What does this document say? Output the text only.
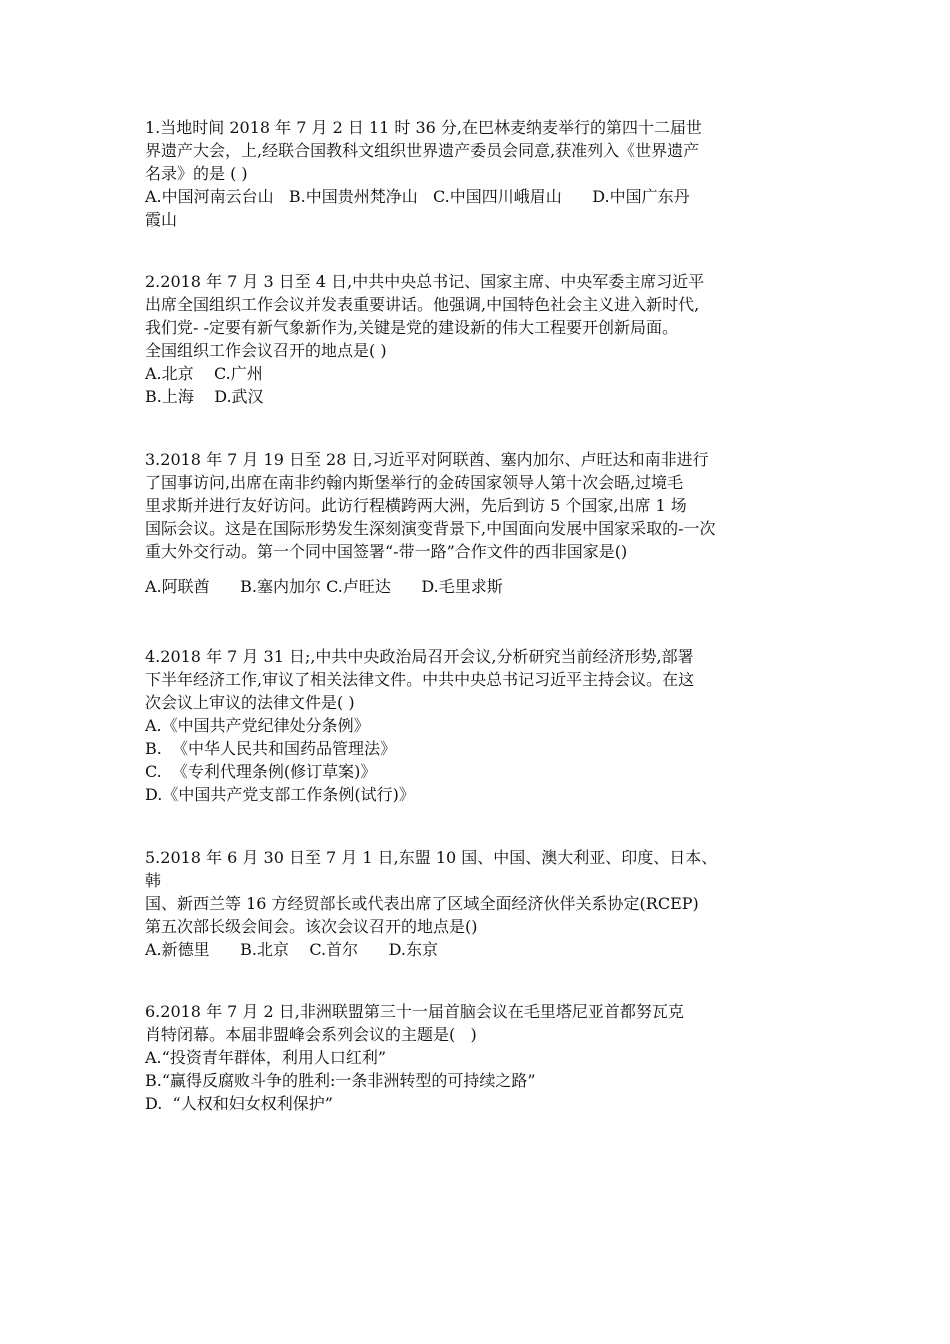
1.当地时间 2018 年 7 月 2 日 11 时 36 分,在巴林麦纳麦举行的第四十二届世
界遗产大会，上,经联合国教科文组织世界遗产委员会同意,获准列入《世界遗产
名录》的是 ( )
A.中国河南云台山   B.中国贵州梵净山   C.中国四川峨眉山      D.中国广东丹
霞山
2.2018 年 7 月 3 日至 4 日,中共中央总书记、国家主席、中央军委主席习近平
出席全国组织工作会议并发表重要讲话。他强调,中国特色社会主义进入新时代,
我们党- -定要有新气象新作为,关键是党的建设新的伟大工程要开创新局面。
全国组织工作会议召开的地点是( )
A.北京    C.广州
B.上海    D.武汉
3.2018 年 7 月 19 日至 28 日,习近平对阿联酋、塞内加尔、卢旺达和南非进行
了国事访问,出席在南非约翰内斯堡举行的金砖国家领导人第十次会晤,过境毛
里求斯并进行友好访问。此访行程横跨两大洲，先后到访 5 个国家,出席 1 场
国际会议。这是在国际形势发生深刻演变背景下,中国面向发展中国家采取的-一次
重大外交行动。第一个同中国签署“-带一路”合作文件的西非国家是()
A.阿联酋      B.塞内加尔 C.卢旺达      D.毛里求斯
4.2018 年 7 月 31 日;,中共中央政治局召开会议,分析研究当前经济形势,部署
下半年经济工作,审议了相关法律文件。中共中央总书记习近平主持会议。在这
次会议上审议的法律文件是( )
A.《中国共产党纪律处分条例》
B.  《中华人民共和国药品管理法》
C.  《专利代理条例(修订草案)》
D.《中国共产党支部工作条例(试行)》
5.2018 年 6 月 30 日至 7 月 1 日,东盟 10 国、中国、澳大利亚、印度、日本、
韩
国、新西兰等 16 方经贸部长或代表出席了区域全面经济伙伴关系协定(RCEP)
第五次部长级会间会。该次会议召开的地点是()
A.新德里      B.北京    C.首尔      D.东京
6.2018 年 7 月 2 日,非洲联盟第三十一届首脑会议在毛里塔尼亚首都努瓦克
肖特闭幕。本届非盟峰会系列会议的主题是(   )
A.“投资青年群体，利用人口红利”
B.“赢得反腐败斗争的胜利:一条非洲转型的可持续之路”
D.  “人权和妇女权利保护”
